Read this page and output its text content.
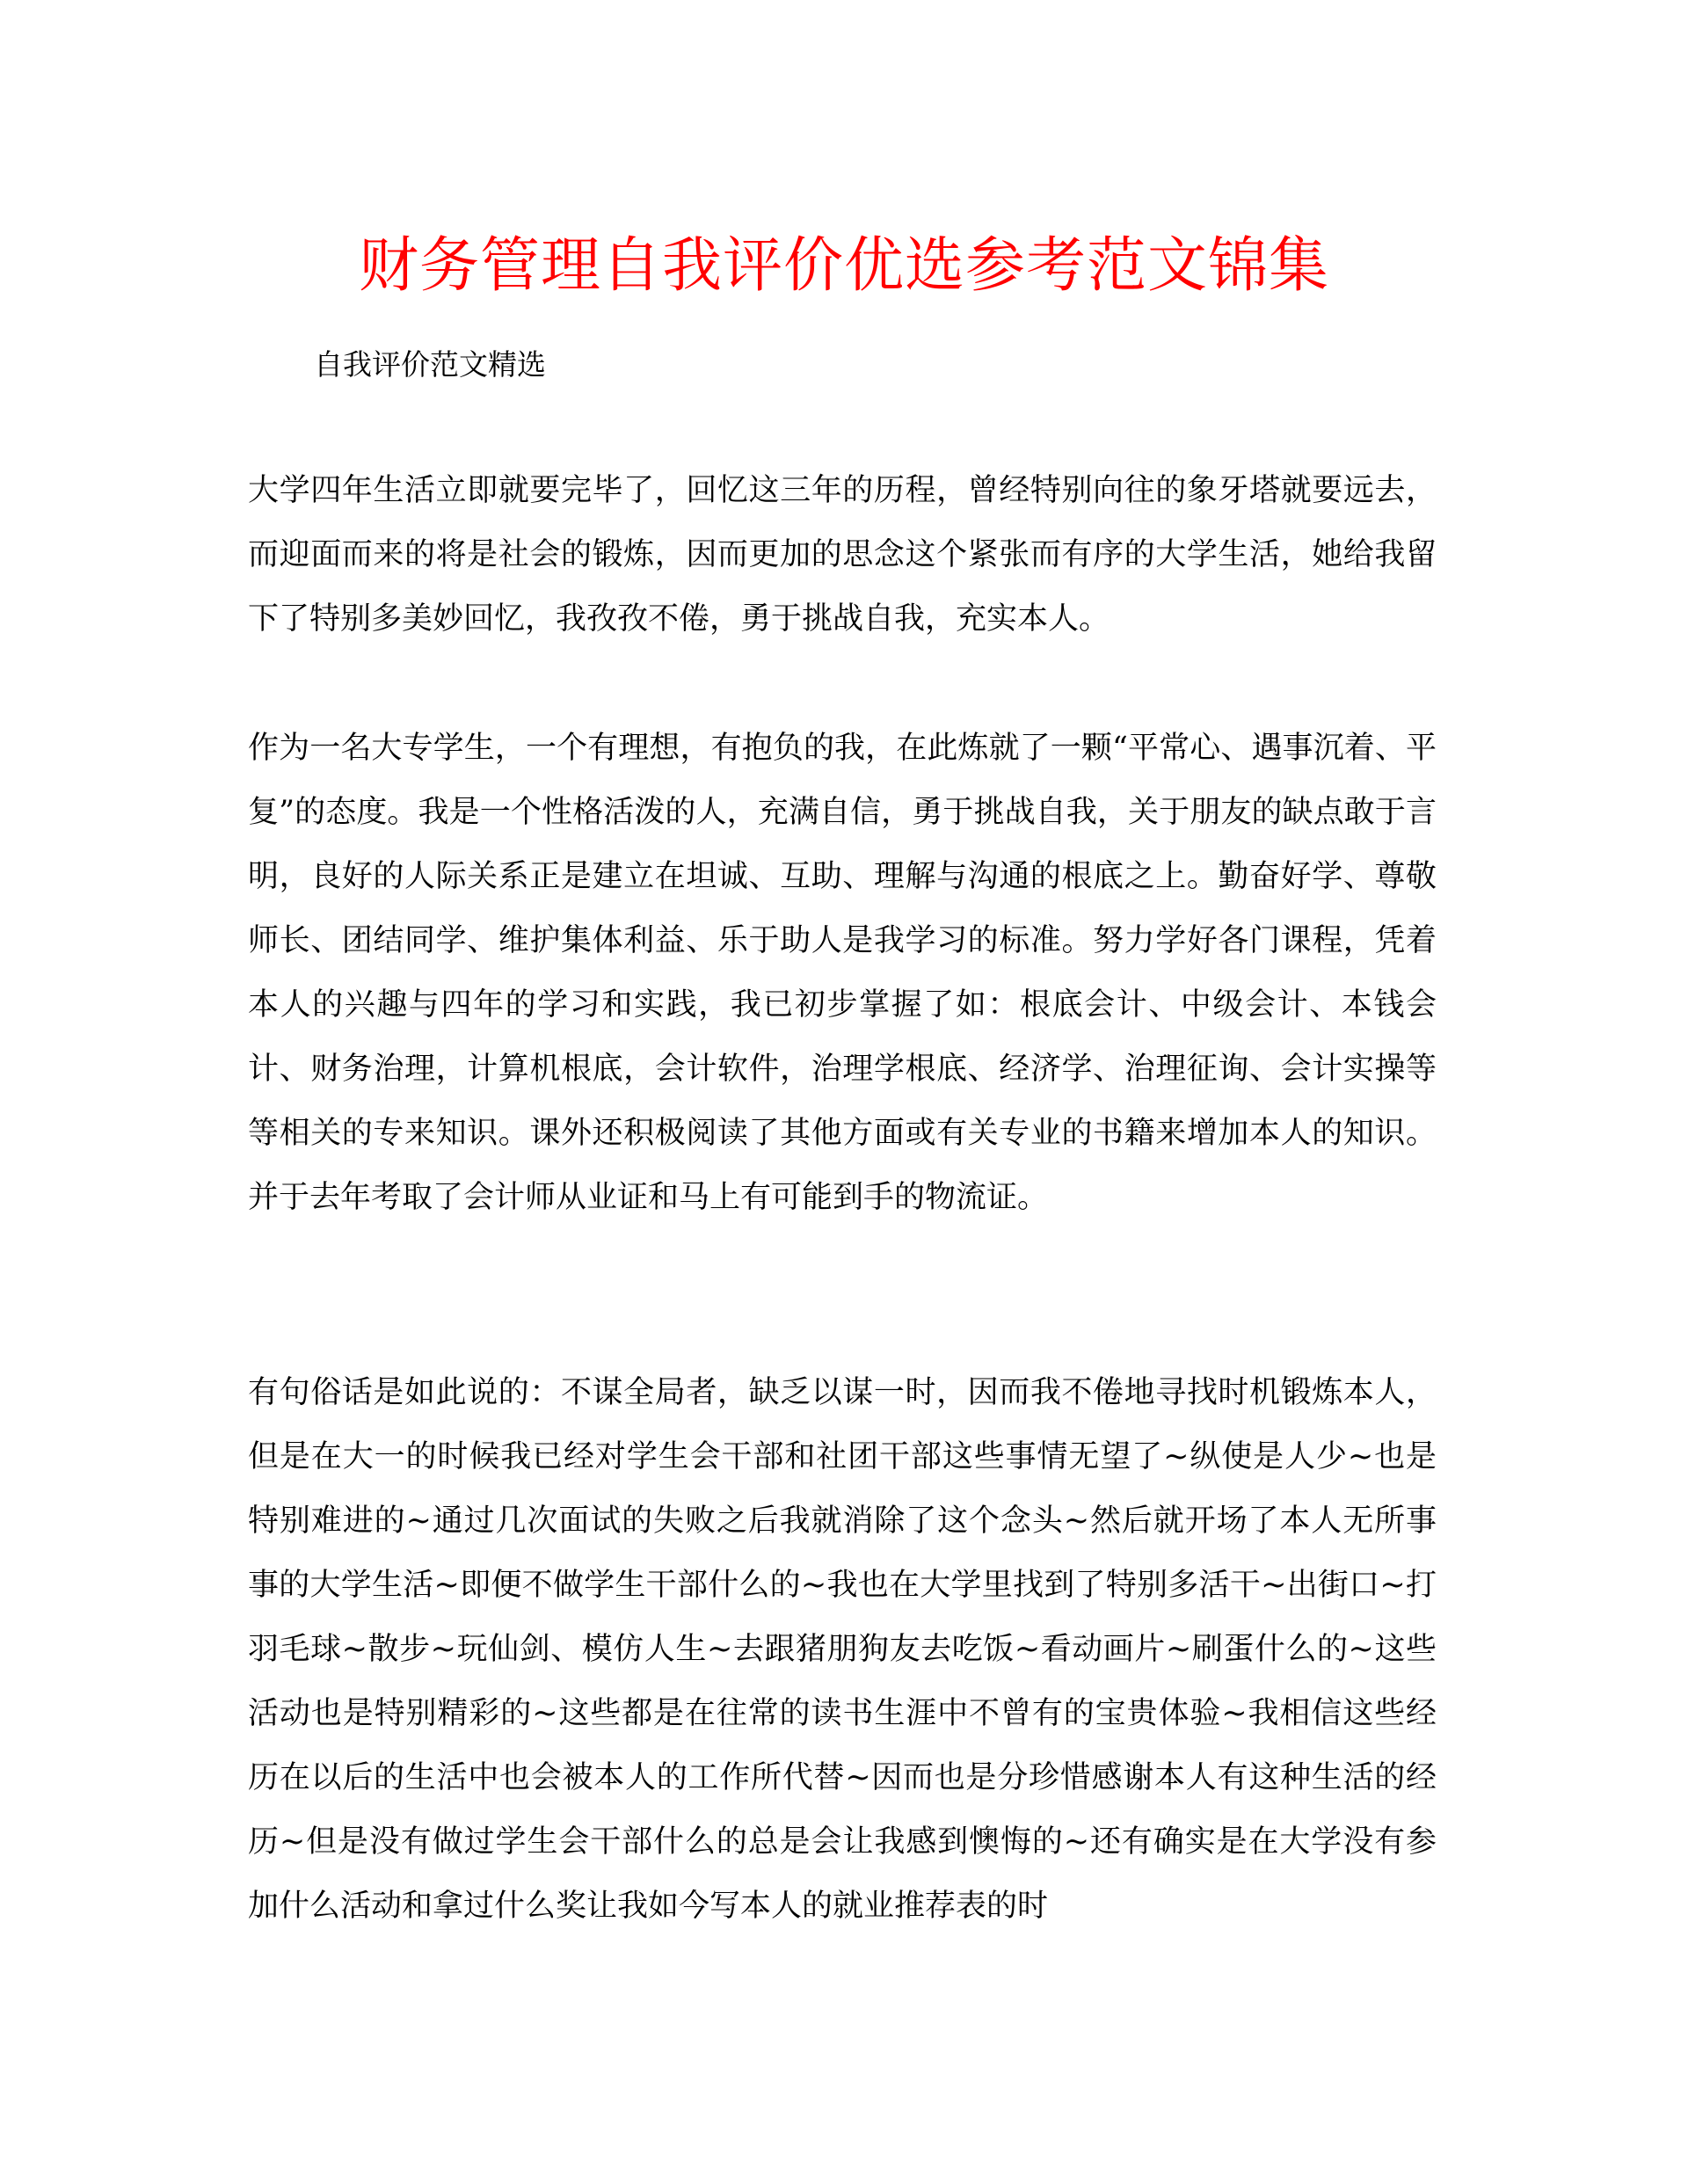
财务管理自我评价优选参考范文锦集
自我评价范文精选

大学四年生活立即就要完毕了，回忆这三年的历程，曾经特别向往的象牙塔就要远去，而迎面而来的将是社会的锻炼，因而更加的思念这个紧张而有序的大学生活，她给我留下了特别多美妙回忆，我孜孜不倦，勇于挑战自我，充实本人。

作为一名大专学生，一个有理想，有抱负的我，在此炼就了一颗“平常心、遇事沉着、平复”的态度。我是一个性格活泼的人，充满自信，勇于挑战自我，关于朋友的缺点敢于言明，良好的人际关系正是建立在坦诚、互助、理解与沟通的根底之上。勤奋好学、尊敬师长、团结同学、维护集体利益、乐于助人是我学习的标准。努力学好各门课程，凭着本人的兴趣与四年的学习和实践，我已初步掌握了如：根底会计、中级会计、本钱会计、财务治理，计算机根底，会计软件，治理学根底、经济学、治理征询、会计实操等等相关的专来知识。课外还积极阅读了其他方面或有关专业的书籍来增加本人的知识。并于去年考取了会计师从业证和马上有可能到手的物流证。

有句俗话是如此说的：不谋全局者，缺乏以谋一时，因而我不倦地寻找时机锻炼本人，但是在大一的时候我已经对学生会干部和社团干部这些事情无望了~纵使是人少~也是特别难进的~通过几次面试的失败之后我就消除了这个念头~然后就开场了本人无所事事的大学生活~即便不做学生干部什么的~我也在大学里找到了特别多活干~出街口~打羽毛球~散步~玩仙剑、模仿人生~去跟猪朋狗友去吃饭~看动画片~刷蛋什么的~这些活动也是特别精彩的~这些都是在往常的读书生涯中不曾有的宝贵体验~我相信这些经历在以后的生活中也会被本人的工作所代替~因而也是分珍惜感谢本人有这种生活的经历~但是没有做过学生会干部什么的总是会让我感到懊悔的~还有确实是在大学没有参加什么活动和拿过什么奖让我如今写本人的就业推荐表的时
